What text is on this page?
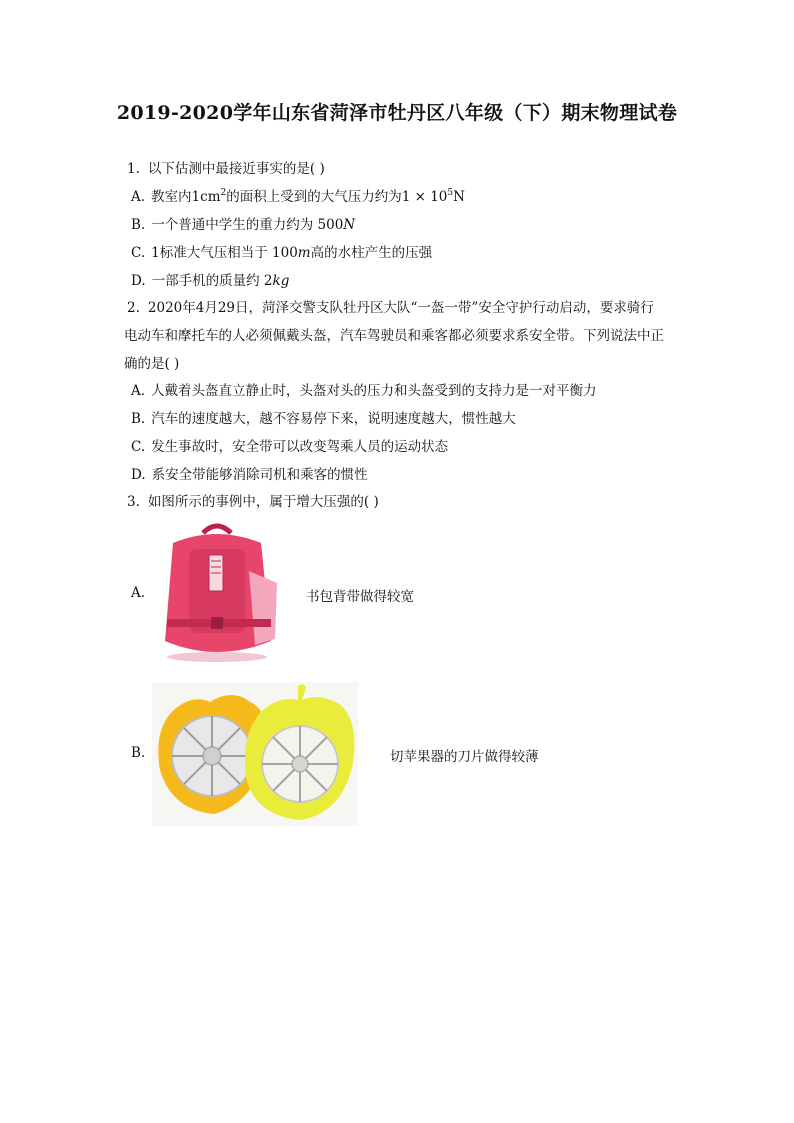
2019-2020学年山东省菏泽市牡丹区八年级（下）期末物理试卷
1. 以下估测中最接近事实的是( )
A. 教室内$1cm^2$的面积上受到的大气压力约为$1 \times 10^5N$
B. 一个普通中学生的重力约为 500N
C. 1标准大气压相当于 100m高的水柱产生的压强
D. 一部手机的质量约 2kg
2. 2020年4月29日，菏泽交警支队牡丹区大队“一盔一带”安全守护行动启动，要求骑行
电动车和摩托车的人必须佩戴头盔，汽车驾驶员和乘客都必须要求系安全带。下列说法中正
确的是( )
A. 人戴着头盔直立静止时，头盔对头的压力和头盔受到的支持力是一对平衡力
B. 汽车的速度越大，越不容易停下来，说明速度越大，惯性越大
C. 发生事故时，安全带可以改变驾乘人员的运动状态
D. 系安全带能够消除司机和乘客的惯性
3. 如图所示的事例中，属于增大压强的( )
A.	书包背带做得较宽
B.	切苹果器的刀片做得较薄
